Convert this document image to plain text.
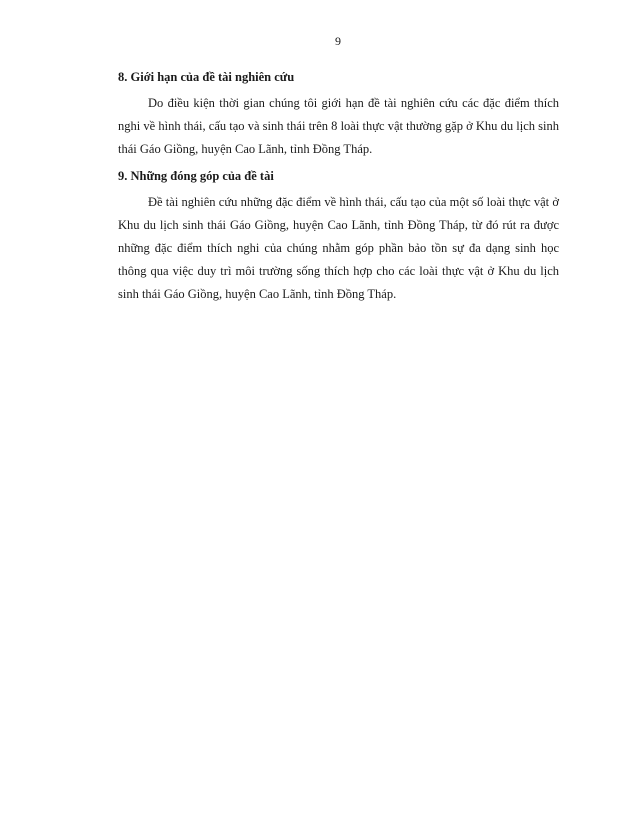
9
8. Giới hạn của đề tài nghiên cứu

Do điều kiện thời gian chúng tôi giới hạn đề tài nghiên cứu các đặc điểm thích nghi về hình thái, cấu tạo và sinh thái trên 8 loài thực vật thường gặp ở Khu du lịch sinh thái Gáo Giồng, huyện Cao Lãnh, tỉnh Đồng Tháp.

9. Những đóng góp của đề tài

Đề tài nghiên cứu những đặc điểm về hình thái, cấu tạo của một số loài thực vật ở Khu du lịch sinh thái Gáo Giồng, huyện Cao Lãnh, tỉnh Đồng Tháp, từ đó rút ra được những đặc điểm thích nghi của chúng nhằm góp phần bảo tồn sự đa dạng sinh học thông qua việc duy trì môi trường sống thích hợp cho các loài thực vật ở Khu du lịch sinh thái Gáo Giồng, huyện Cao Lãnh, tỉnh Đồng Tháp.
